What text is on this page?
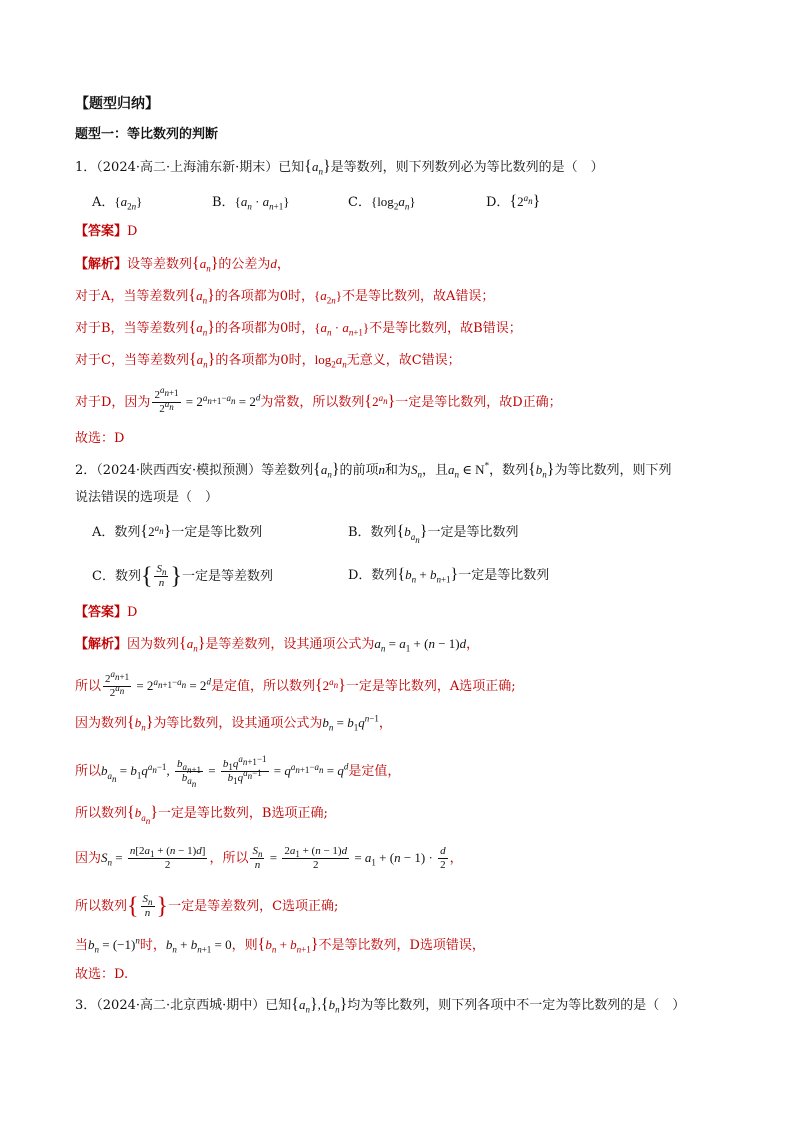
【题型归纳】
题型一：等比数列的判断
1．（2024·高二·上海浦东新·期末）已知$\{a_n\}$是等数列，则下列数列必为等比数列的是（　）
A．$\{a_{2n}\}$	B．$\{a_n \cdot a_{n+1}\}$	C．$\{\log_2a_n\}$	D．$\{2^{a_n}\}$
【答案】D
【解析】设等差数列$\{a_n\}$的公差为d，
对于A，当等差数列$\{a_n\}$的各项都为0时，$\{a_{2n}\}$不是等比数列，故A错误；
对于B，当等差数列$\{a_n\}$的各项都为0时，$\{a_n \cdot a_{n+1}\}$不是等比数列，故B错误；
对于C，当等差数列$\{a_n\}$的各项都为0时，$\log_2a_n$无意义，故C错误；
对于D，因为 $\frac{2^{a_{n+1}}}{2^{a_n}} = 2^{a_{n+1}-a_n} = 2^d$为常数，所以数列$\{2^{a_n}\}$一定是等比数列，故D正确；
故选：D
2．（2024·陕西西安·模拟预测）等差数列$\{a_n\}$的前项n和为$S_n$，且$a_n$ ∈ N*，数列$\{b_n\}$为等比数列，则下列
说法错误的选项是（　）
A．数列$\{2^{a_n}\}$一定是等比数列	B．数列$\{b_{a_n}\}$一定是等比数列
C．数列{ $\frac{S_n}{n}$ }一定是等差数列	D．数列$\{b_n + b_{n+1}\}$一定是等比数列
【答案】D
【解析】因为数列$\{a_n\}$是等差数列，设其通项公式为$a_n = a_1 + (n - 1)d$，
所以 $\frac{2^{a_{n+1}}}{2^{a_n}} = 2^{a_{n+1}-a_n} = 2^d$是定值，所以数列$\{2^{a_n}\}$一定是等比数列，A选项正确;
因为数列$\{b_n\}$为等比数列，设其通项公式为$b_n = b_1q^{n-1}$，
所以$b_{a_n} = b_1q^{a_n-1}$, $\frac{b_{a_{n+1}}}{b_{a_n}} = \frac{b_1q^{a_{n+1}-1}}{b_1q^{a_n-1}} = q^{a_{n+1}-a_n} = q^d$是定值，
所以数列$\{b_{a_n}\}$一定是等比数列，B选项正确;
因为$S_n = \frac{n[2a_1 + (n - 1)d]}{2}$ ，所以 $\frac{S_n}{n} = \frac{2a_1 + (n - 1)d}{2} = a_1 + (n - 1) \cdot \frac{d}{2}$ ，
所以数列{ $\frac{S_n}{n}$ }一定是等差数列，C选项正确;
当$b_n = (-1)^n$时，$b_n + b_{n+1} = 0$，则$\{b_n + b_{n+1}\}$不是等比数列，D选项错误，
故选：D.
3．（2024·高二·北京西城·期中）已知$\{a_n\},\{b_n\}$均为等比数列，则下列各项中不一定为等比数列的是（　）
